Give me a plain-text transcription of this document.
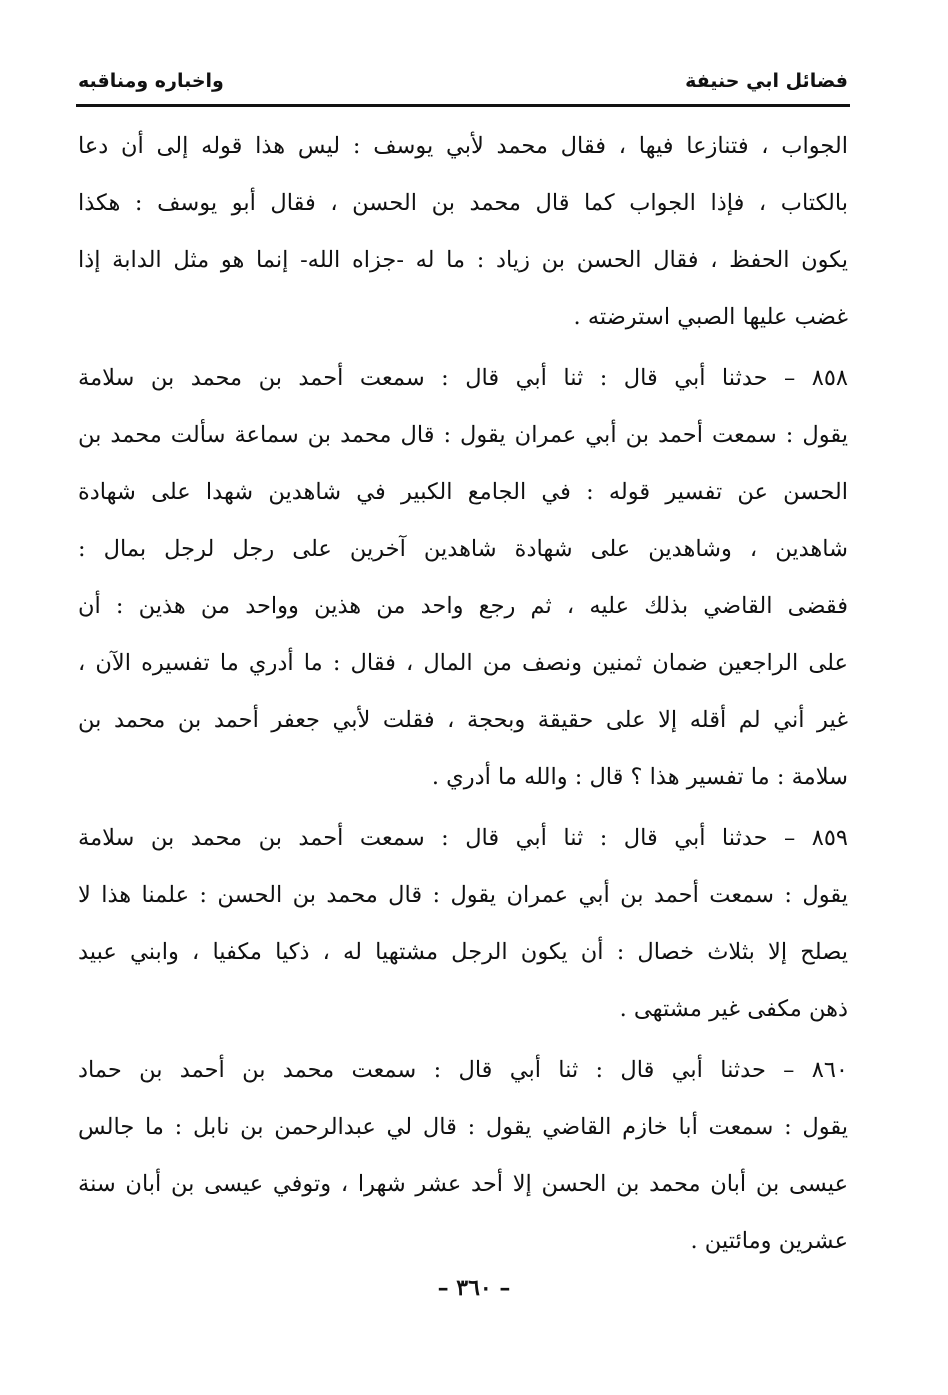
فضائل ابي حنيفة
واخباره ومناقبه
الجواب ، فتنازعا فيها ، فقال محمد لأبي يوسف : ليس هذا قوله إلى أن دعا
بالكتاب ، فإذا الجواب كما قال محمد بن الحسن ، فقال أبو يوسف : هكذا
يكون الحفظ ، فقال الحسن بن زياد : ما له -جزاه الله- إنما هو مثل الدابة إذا
غضب عليها الصبي استرضته .
٨٥٨ – حدثنا أبي قال : ثنا أبي قال : سمعت أحمد بن محمد بن سلامة
يقول : سمعت أحمد بن أبي عمران يقول : قال محمد بن سماعة سألت محمد بن
الحسن عن تفسير قوله : في الجامع الكبير في شاهدين شهدا على شهادة
شاهدين ، وشاهدين على شهادة شاهدين آخرين على رجل لرجل بمال :
فقضى القاضي بذلك عليه ، ثم رجع واحد من هذين وواحد من هذين : أن
على الراجعين ضمان ثمنين ونصف من المال ، فقال : ما أدري ما تفسيره الآن ،
غير أني لم أقله إلا على حقيقة وبحجة ، فقلت لأبي جعفر أحمد بن محمد بن
سلامة : ما تفسير هذا ؟ قال : والله ما أدري .
٨٥٩ – حدثنا أبي قال : ثنا أبي قال : سمعت أحمد بن محمد بن سلامة
يقول : سمعت أحمد بن أبي عمران يقول : قال محمد بن الحسن : علمنا هذا لا
يصلح إلا بثلاث خصال : أن يكون الرجل مشتهيا له ، ذكيا مكفيا ، وابني عبيد
ذهن مكفى غير مشتهى .
٨٦٠ – حدثنا أبي قال : ثنا أبي قال : سمعت محمد بن أحمد بن حماد
يقول : سمعت أبا خازم القاضي يقول : قال لي عبدالرحمن بن نابل : ما جالس
عيسى بن أبان محمد بن الحسن إلا أحد عشر شهرا ، وتوفي عيسى بن أبان سنة
عشرين ومائتين .
– ٣٦٠ –
